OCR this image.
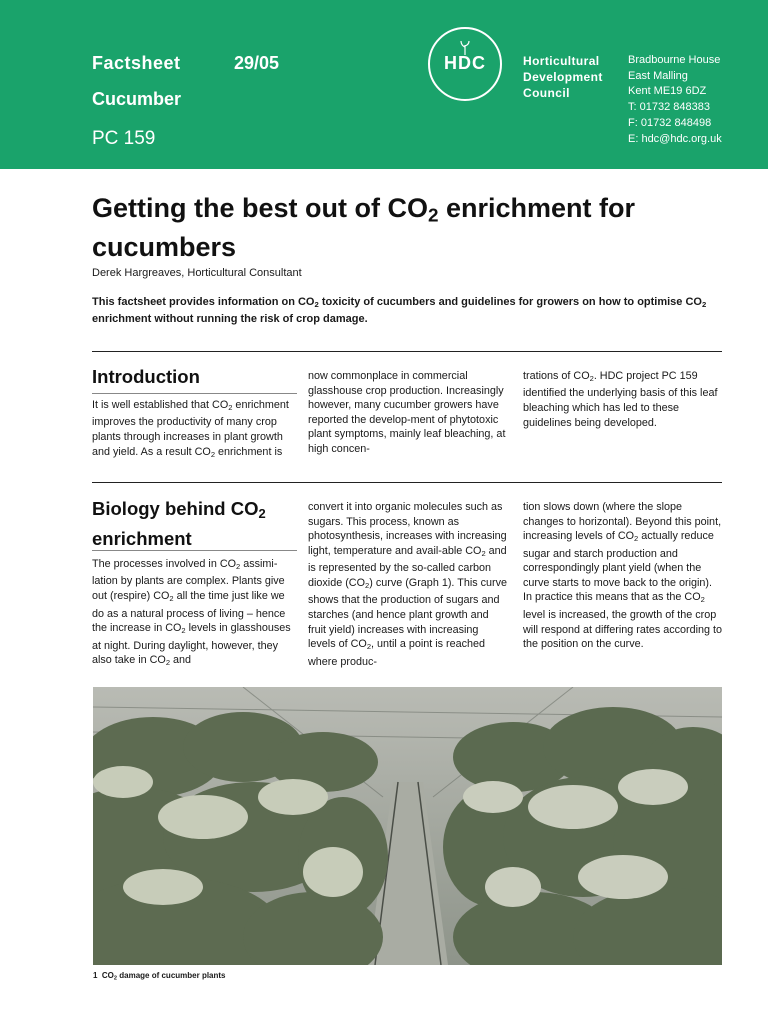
Factsheet	29/05
Cucumber
PC 159
HDC	Horticultural
Development
Council
Bradbourne House
East Malling
Kent ME19 6DZ
T: 01732 848383
F: 01732 848498
E: hdc@hdc.org.uk
Getting the best out of $CO_2$ enrichment for cucumbers
Derek Hargreaves, Horticultural Consultant

This factsheet provides information on $CO_2$ toxicity of cucumbers and guidelines for growers on how to optimise $CO_2$ enrichment without running the risk of crop damage.

Introduction

It is well established that $CO_2$ enrichment improves the productivity of many crop plants through increases in plant growth and yield. As a result $CO_2$ enrichment is

now commonplace in commercial glasshouse crop production. Increasingly however, many cucumber growers have reported the develop-ment of phytotoxic plant symptoms, mainly leaf bleaching, at high concen-

trations of $CO_2$. HDC project PC 159 identified the underlying basis of this leaf bleaching which has led to these guidelines being developed.

Biology behind $CO_2$ enrichment

The processes involved in $CO_2$ assimi-lation by plants are complex. Plants give out (respire) $CO_2$ all the time just like we do as a natural process of living – hence the increase in $CO_2$ levels in glasshouses at night. During daylight, however, they also take in $CO_2$ and

convert it into organic molecules such as sugars. This process, known as photosynthesis, increases with increasing light, temperature and avail-able $CO_2$ and is represented by the so-called carbon dioxide $(CO_2)$ curve (Graph 1). This curve shows that the production of sugars and starches (and hence plant growth and fruit yield) increases with increasing levels of $CO_2$, until a point is reached where produc-

tion slows down (where the slope changes to horizontal). Beyond this point, increasing levels of $CO_2$ actually reduce sugar and starch production and correspondingly plant yield (when the curve starts to move back to the origin). In practice this means that as the $CO_2$ level is increased, the growth of the crop will respond at differing rates according to the position on the curve.

1 $CO_2$ damage of cucumber plants
